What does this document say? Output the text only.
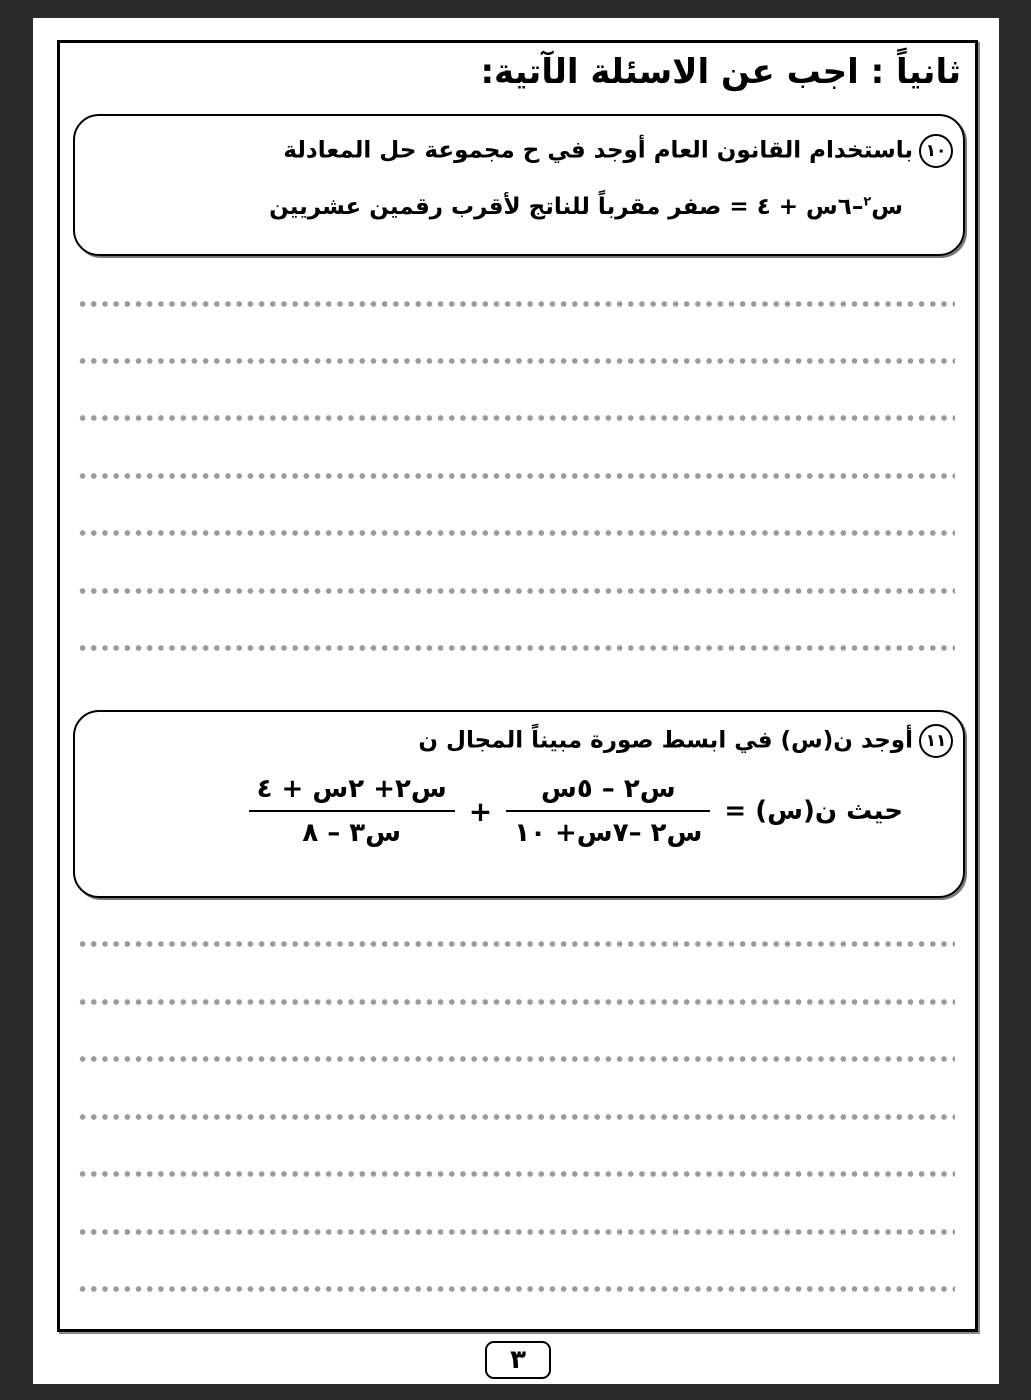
ثانياً : اجب عن الاسئلة الآتية:
١٠باستخدام القانون العام أوجد في ح مجموعة حل المعادلة
س$^٢$–٦س + ٤ = صفر مقرباً للناتج لأقرب رقمين عشريين
١١أوجد ن(س) في ابسط صورة مبيناً المجال ن
حيث ن(س) =
$\frac{\text{س٢ – ٥س}}{\text{س٢ –٧س+ ١٠}}$
+
$\frac{\text{س٢+ ٢س + ٤}}{\text{س٣ – ٨}}$
٣
